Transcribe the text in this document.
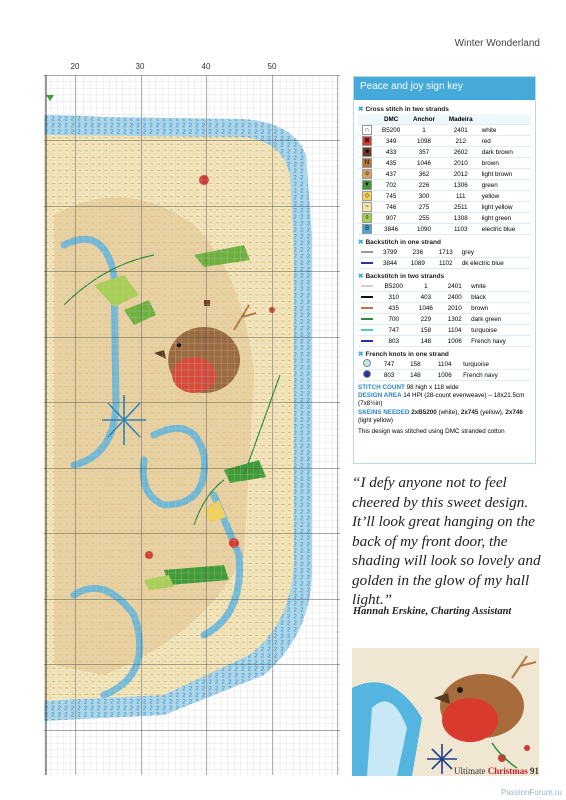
Winter Wonderland
20	30	40	50
Peace and joy sign key
✖ Cross stitch in two strands
	DMC	Anchor	Madeira	
∩	B5200	1	2401	white
⊠	349	1098	212	red
■	433	357	2602	dark brown
N	435	1046	2010	brown
o	437	362	2012	light brown
▼	702	226	1306	green
◇	745	300	111	yellow
~	746	275	2511	light yellow
◊	907	255	1308	light green
Ϩ	3846	1090	1103	electric blue
✖ Backstitch in one strand
	3799	236	1713	grey
	3844	1089	1102	dk electric blue
✖ Backstitch in two strands
	B5200	1	2401	white
	310	403	2400	black
	435	1046	2010	brown
	700	229	1302	dark green
	747	158	1104	turquoise
	803	148	1006	French navy
✖ French knots in one strand
	747	158	1104	turquoise
	803	148	1006	French navy
STITCH COUNT 98 high x 118 wide
DESIGN AREA 14 HPI (28-count evenweave) – 18x21.5cm (7x8½in)
SKEINS NEEDED 2xB5200 (white), 2x745 (yellow), 2x746 (light yellow)
This design was stitched using DMC stranded cotton
“I defy anyone not to feel cheered by this sweet design. It’ll look great hanging on the back of my front door, the shading will look so lovely and golden in the glow of my hall light.”
Hannah Erskine, Charting Assistant
Ultimate Christmas 91
PassionForum.ru
